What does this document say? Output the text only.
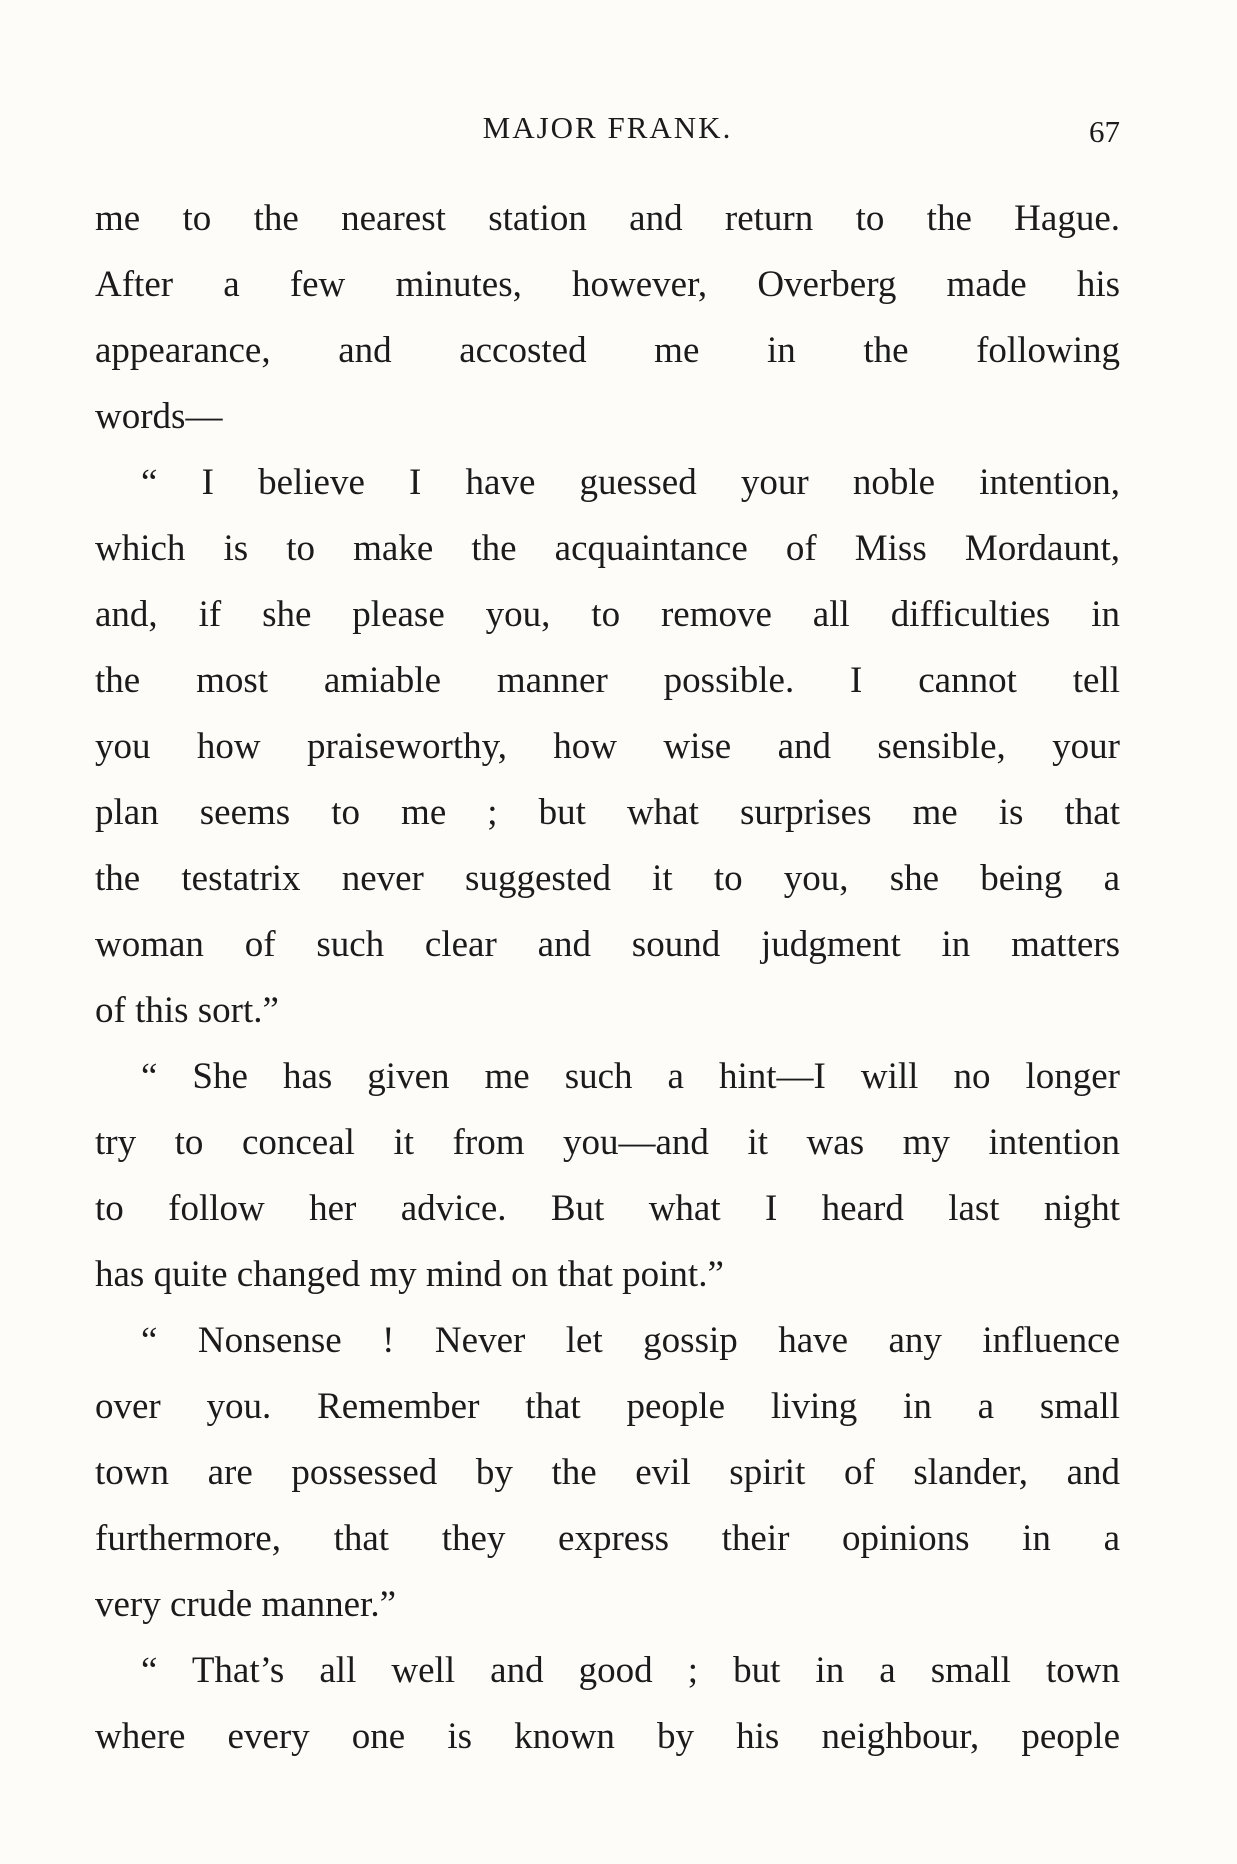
MAJOR FRANK.	67
me to the nearest station and return to the Hague.
After a few minutes, however, Overberg made his
appearance, and accosted me in the following
words—
“ I believe I have guessed your noble intention,
which is to make the acquaintance of Miss Mordaunt,
and, if she please you, to remove all difficulties in
the most amiable manner possible. I cannot tell
you how praiseworthy, how wise and sensible, your
plan seems to me ; but what surprises me is that
the testatrix never suggested it to you, she being a
woman of such clear and sound judgment in matters
of this sort.”
“ She has given me such a hint—I will no longer
try to conceal it from you—and it was my intention
to follow her advice. But what I heard last night
has quite changed my mind on that point.”
“ Nonsense ! Never let gossip have any influence
over you. Remember that people living in a small
town are possessed by the evil spirit of slander, and
furthermore, that they express their opinions in a
very crude manner.”
“ That’s all well and good ; but in a small town
where every one is known by his neighbour, people
